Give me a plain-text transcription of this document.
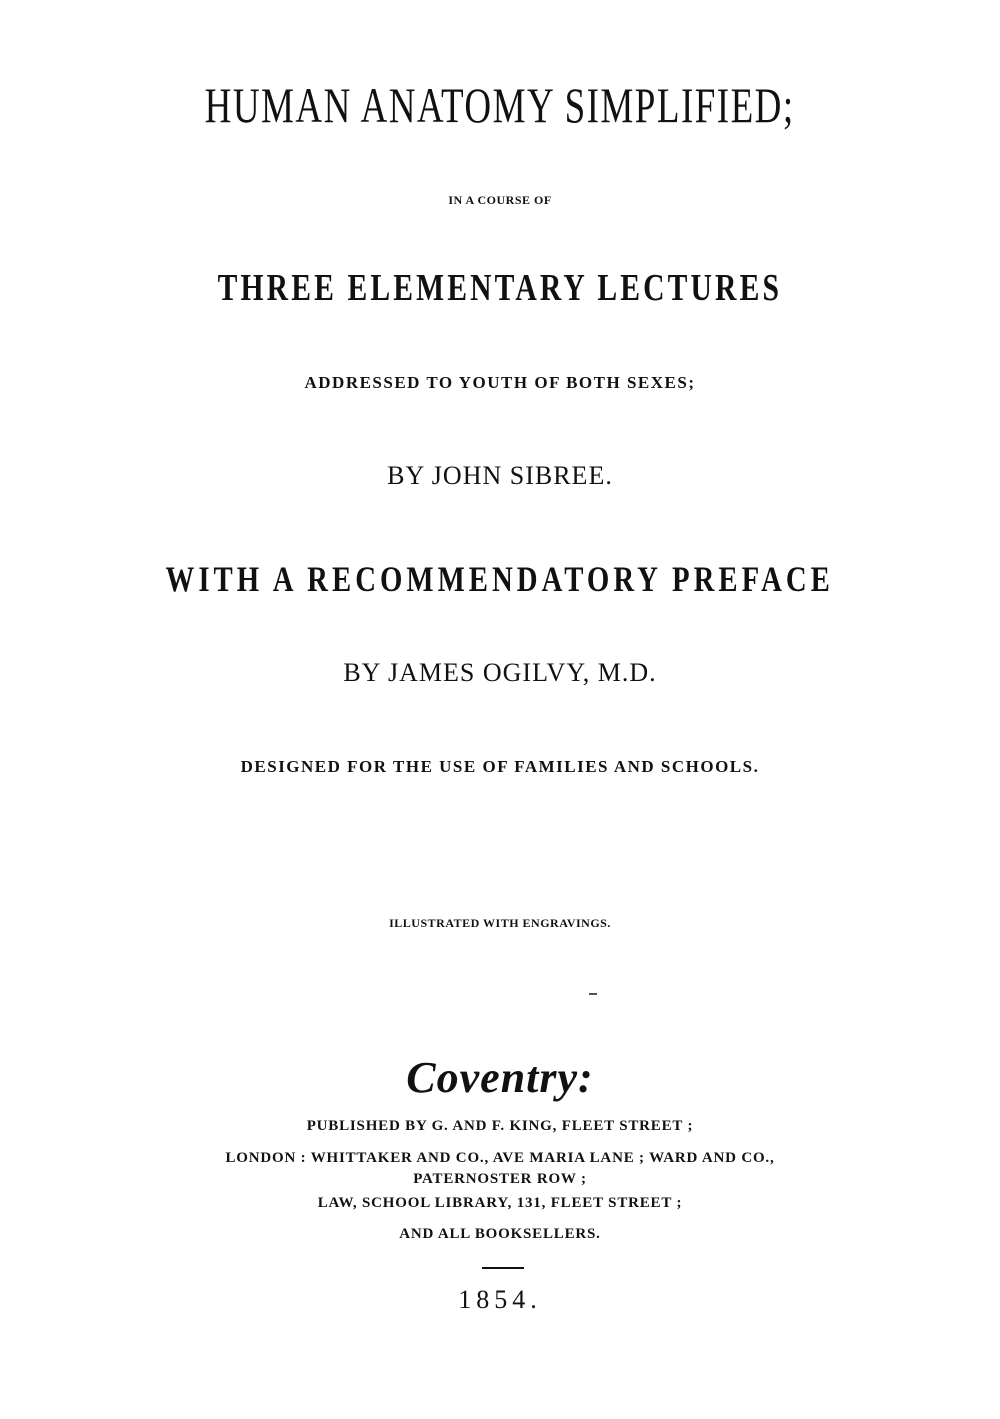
HUMAN ANATOMY SIMPLIFIED;
IN A COURSE OF
THREE ELEMENTARY LECTURES
ADDRESSED TO YOUTH OF BOTH SEXES;
BY JOHN SIBREE.
WITH A RECOMMENDATORY PREFACE
BY JAMES OGILVY, M.D.
DESIGNED FOR THE USE OF FAMILIES AND SCHOOLS.
ILLUSTRATED WITH ENGRAVINGS.
Coventry:
PUBLISHED BY G. AND F. KING, FLEET STREET ;
LONDON : WHITTAKER AND CO., AVE MARIA LANE ; WARD AND CO.,
PATERNOSTER ROW ;
LAW, SCHOOL LIBRARY, 131, FLEET STREET ;
AND ALL BOOKSELLERS.
1854.
